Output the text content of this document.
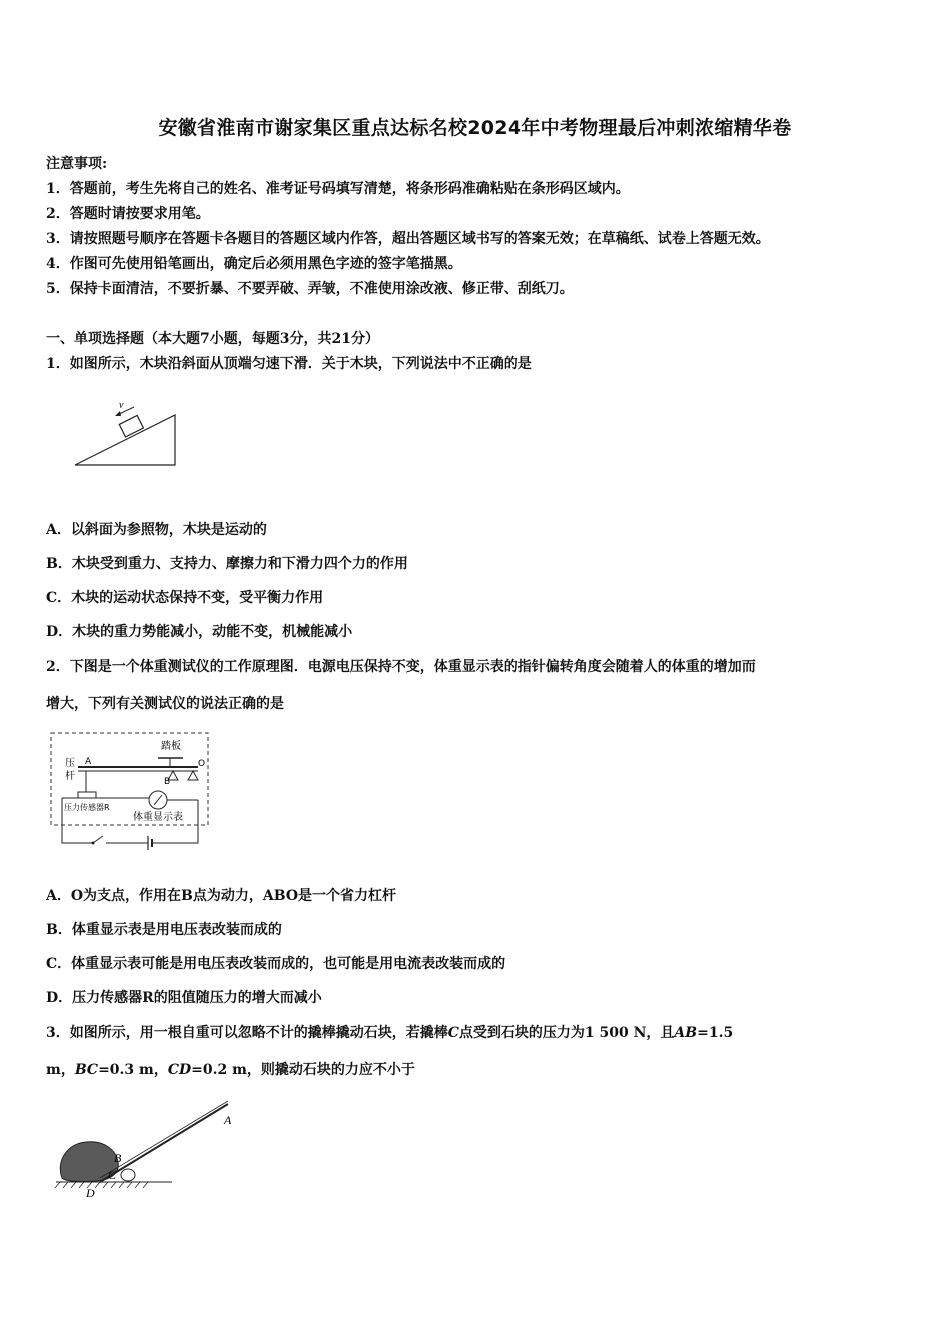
安徽省淮南市谢家集区重点达标名校2024年中考物理最后冲刺浓缩精华卷
注意事项:
1．答题前，考生先将自己的姓名、准考证号码填写清楚，将条形码准确粘贴在条形码区域内。
2．答题时请按要求用笔。
3．请按照题号顺序在答题卡各题目的答题区域内作答，超出答题区域书写的答案无效；在草稿纸、试卷上答题无效。
4．作图可先使用铅笔画出，确定后必须用黑色字迹的签字笔描黑。
5．保持卡面清洁，不要折暴、不要弄破、弄皱，不准使用涂改液、修正带、刮纸刀。
一、单项选择题（本大题7小题，每题3分，共21分）
1．如图所示，木块沿斜面从顶端匀速下滑．关于木块，下列说法中不正确的是
v
A．以斜面为参照物，木块是运动的
B．木块受到重力、支持力、摩擦力和下滑力四个力的作用
C．木块的运动状态保持不变，受平衡力作用
D．木块的重力势能减小，动能不变，机械能减小
2．下图是一个体重测试仪的工作原理图．电源电压保持不变，体重显示表的指针偏转角度会随着人的体重的增加而
增大，下列有关测试仪的说法正确的是
踏板
O
B
A
压
杆
压力传感器R
体重显示表
A．O为支点，作用在B点为动力，ABO是一个省力杠杆
B．体重显示表是用电压表改装而成的
C．体重显示表可能是用电压表改装而成的，也可能是用电流表改装而成的
D．压力传感器R的阻值随压力的增大而减小
3．如图所示，用一根自重可以忽略不计的撬棒撬动石块，若撬棒C点受到石块的压力为1 500 N，且AB=1.5
m，BC=0.3 m，CD=0.2 m，则撬动石块的力应不小于
A
B
C
D
